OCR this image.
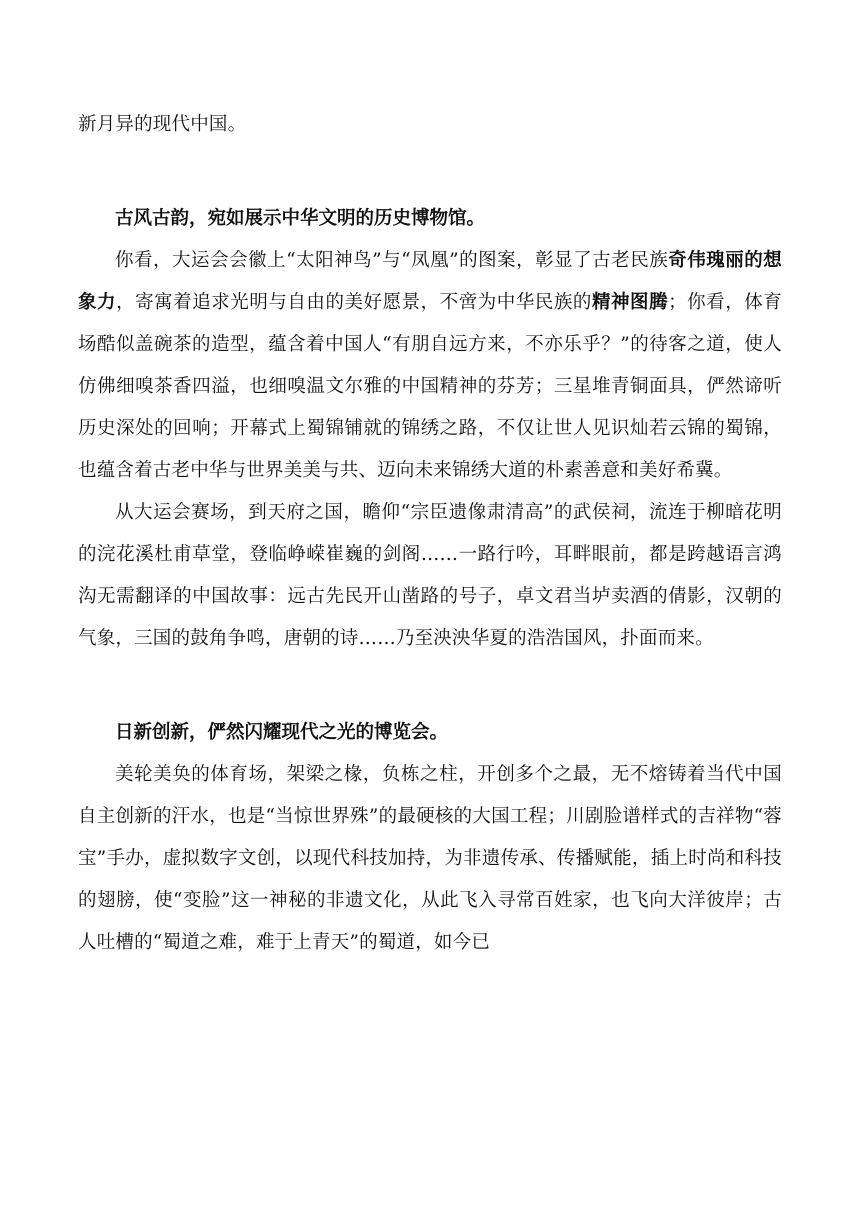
新月异的现代中国。

古风古韵，宛如展示中华文明的历史博物馆。

你看，大运会会徽上“太阳神鸟”与“凤凰”的图案，彰显了古老民族奇伟瑰丽的想象力，寄寓着追求光明与自由的美好愿景，不啻为中华民族的精神图腾；你看，体育场酷似盖碗茶的造型，蕴含着中国人“有朋自远方来，不亦乐乎？”的待客之道，使人仿佛细嗅茶香四溢，也细嗅温文尔雅的中国精神的芬芳；三星堆青铜面具，俨然谛听历史深处的回响；开幕式上蜀锦铺就的锦绣之路，不仅让世人见识灿若云锦的蜀锦，也蕴含着古老中华与世界美美与共、迈向未来锦绣大道的朴素善意和美好希冀。

从大运会赛场，到天府之国，瞻仰“宗臣遗像肃清高”的武侯祠，流连于柳暗花明的浣花溪杜甫草堂，登临峥嵘崔巍的剑阁……一路行吟，耳畔眼前，都是跨越语言鸿沟无需翻译的中国故事：远古先民开山凿路的号子，卓文君当垆卖酒的倩影，汉朝的气象，三国的鼓角争鸣，唐朝的诗……乃至泱泱华夏的浩浩国风，扑面而来。

日新创新，俨然闪耀现代之光的博览会。

美轮美奂的体育场，架梁之椽，负栋之柱，开创多个之最，无不熔铸着当代中国自主创新的汗水，也是“当惊世界殊”的最硬核的大国工程；川剧脸谱样式的吉祥物“蓉宝”手办，虚拟数字文创，以现代科技加持，为非遗传承、传播赋能，插上时尚和科技的翅膀，使“变脸”这一神秘的非遗文化，从此飞入寻常百姓家，也飞向大洋彼岸；古人吐槽的“蜀道之难，难于上青天”的蜀道，如今已
